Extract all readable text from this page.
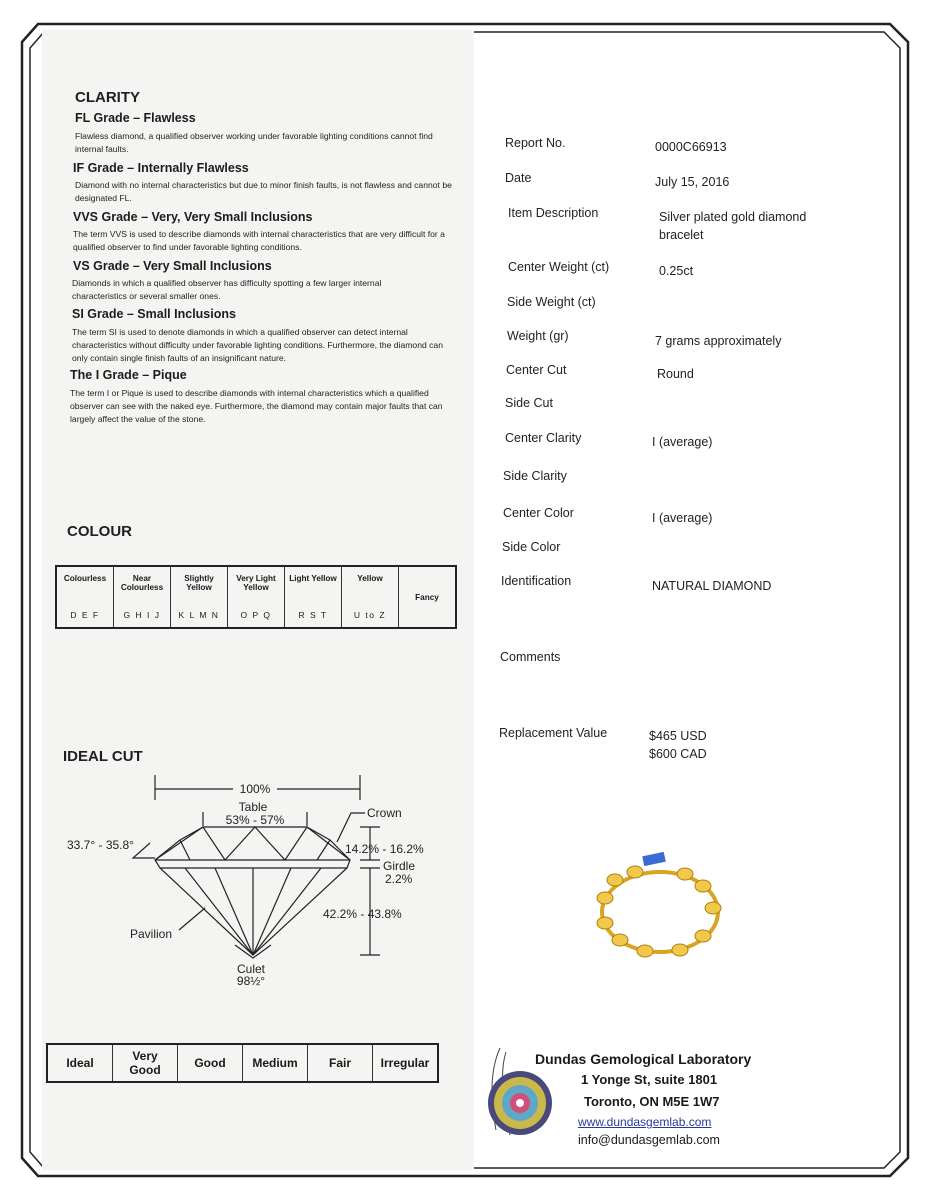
CLARITY
FL Grade – Flawless
Flawless diamond, a qualified observer working under favorable lighting conditions cannot find internal faults.
IF Grade – Internally Flawless
Diamond with no internal characteristics but due to minor finish faults, is not flawless and cannot be designated FL.
VVS Grade – Very, Very Small Inclusions
The term VVS is used to describe diamonds with internal characteristics that are very difficult for a qualified observer to find under favorable lighting conditions.
VS Grade – Very Small Inclusions
Diamonds in which a qualified observer has difficulty spotting a few larger internal characteristics or several smaller ones.
SI Grade – Small Inclusions
The term SI is used to denote diamonds in which a qualified observer can detect internal characteristics without difficulty under favorable lighting conditions. Furthermore, the diamond can only contain single finish faults of an insignificant nature.
The I Grade – Pique
The term I or Pique is used to describe diamonds with internal characteristics which a qualified observer can see with the naked eye. Furthermore, the diamond may contain major faults that can largely affect the value of the stone.
COLOUR
Colourless
D E F

Near Colourless
G H I J

Slightly Yellow
K L M N

Very Light Yellow
O P Q

Light Yellow
R S T

Yellow
U to Z
	Fancy
IDEAL CUT
100%
Table
53% - 57%
33.7° - 35.8°
Crown
14.2% - 16.2%
Girdle
2.2%
42.2% - 43.8%
Pavilion
Culet
98½°
Ideal	Very Good	Good	Medium	Fair	Irregular
Report No.	0000C66913
Date	July 15, 2016
Item Description	Silver plated gold diamond bracelet
Center Weight (ct)	0.25ct
Side Weight (ct)
Weight (gr)	7 grams approximately
Center Cut	Round
Side Cut
Center Clarity	I (average)
Side Clarity
Center Color	I (average)
Side Color
Identification	NATURAL DIAMOND
Comments
Replacement Value	$465 USD
$600 CAD
Dundas Gemological Laboratory
1 Yonge St, suite 1801
Toronto, ON M5E 1W7
www.dundasgemlab.com
info@dundasgemlab.com
